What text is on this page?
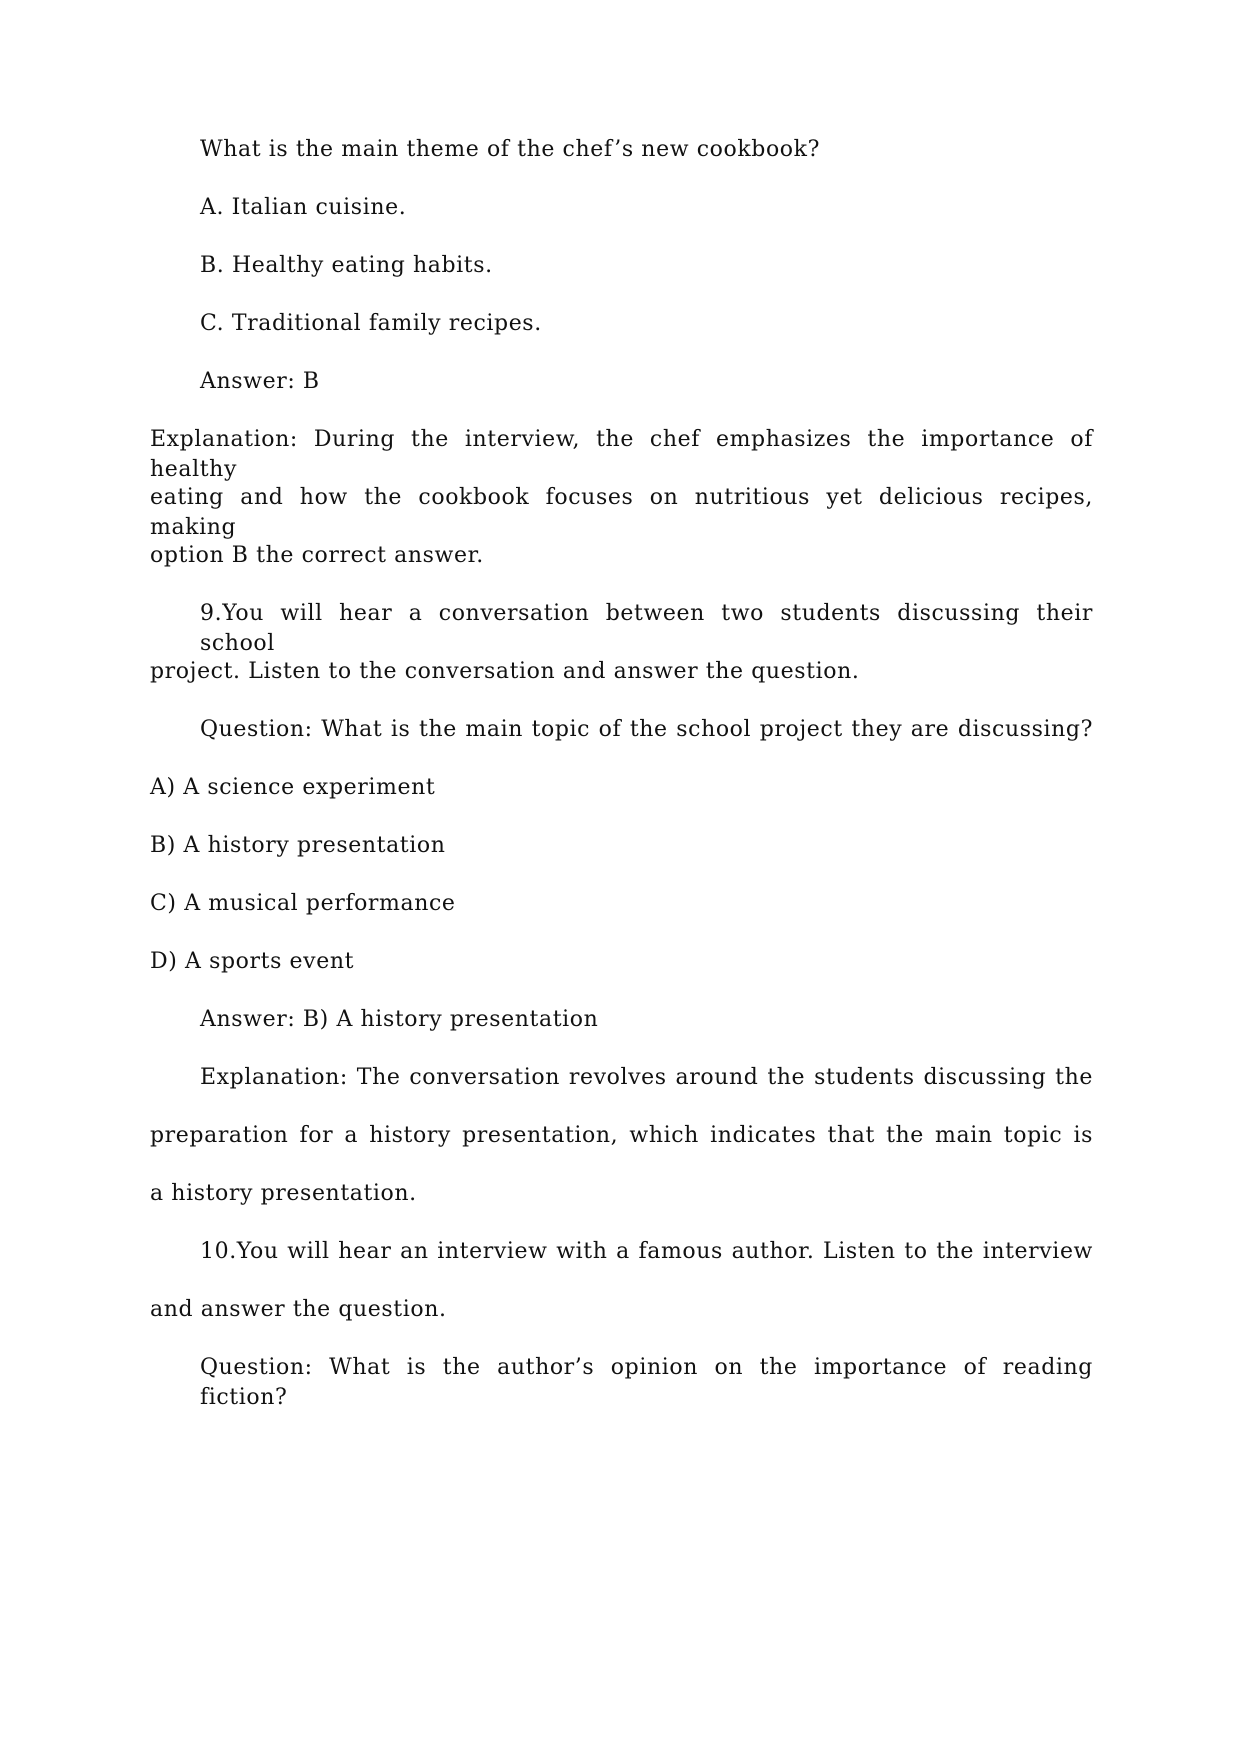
What is the main theme of the chef’s new cookbook?
A. Italian cuisine.
B. Healthy eating habits.
C. Traditional family recipes.
Answer: B
Explanation: During the interview, the chef emphasizes the importance of healthy
eating and how the cookbook focuses on nutritious yet delicious recipes, making
option B the correct answer.
9.You will hear a conversation between two students discussing their school
project. Listen to the conversation and answer the question.
Question: What is the main topic of the school project they are discussing?
A) A science experiment
B) A history presentation
C) A musical performance
D) A sports event
Answer: B) A history presentation
Explanation: The conversation revolves around the students discussing the
preparation for a history presentation, which indicates that the main topic is
a history presentation.
10.You will hear an interview with a famous author. Listen to the interview
and answer the question.
Question: What is the author’s opinion on the importance of reading fiction?
